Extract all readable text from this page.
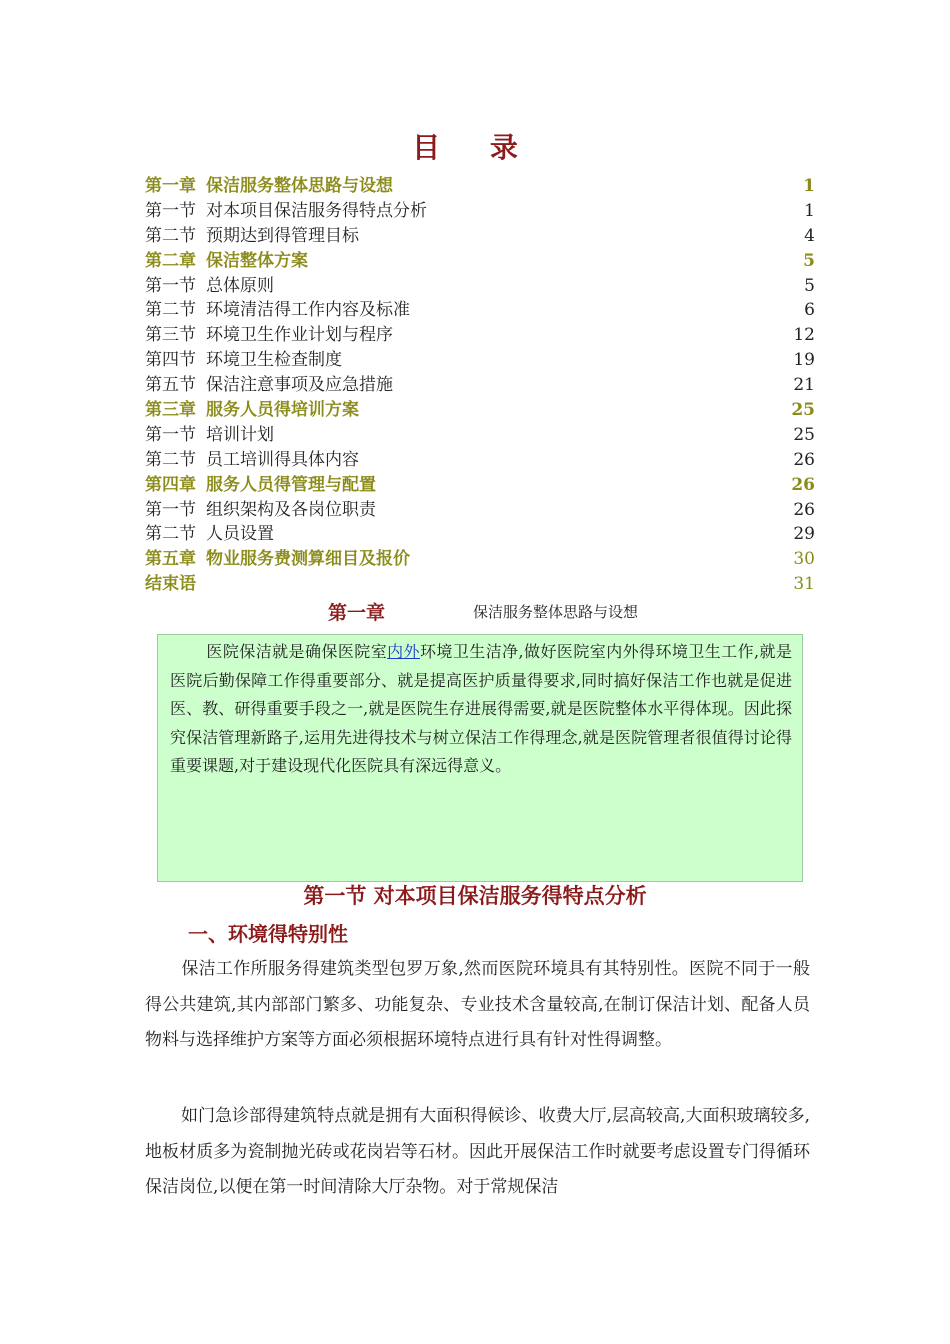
目 录
第一章 保洁服务整体思路与设想	1
第一节 对本项目保洁服务得特点分析	1
第二节 预期达到得管理目标	4
第二章 保洁整体方案	5
第一节 总体原则	5
第二节 环境清洁得工作内容及标准	6
第三节 环境卫生作业计划与程序	12
第四节 环境卫生检查制度	19
第五节 保洁注意事项及应急措施	21
第三章 服务人员得培训方案	25
第一节 培训计划	25
第二节 员工培训得具体内容	26
第四章 服务人员得管理与配置	26
第一节 组织架构及各岗位职责	26
第二节 人员设置	29
第五章 物业服务费测算细目及报价	30
结束语	31
第一章	保洁服务整体思路与设想
医院保洁就是确保医院室内外环境卫生洁净,做好医院室内外得环境卫生工作,就是医院后勤保障工作得重要部分、就是提高医护质量得要求,同时搞好保洁工作也就是促进医、教、研得重要手段之一,就是医院生存进展得需要,就是医院整体水平得体现。因此探究保洁管理新路子,运用先进得技术与树立保洁工作得理念,就是医院管理者很值得讨论得重要课题,对于建设现代化医院具有深远得意义。
第一节 对本项目保洁服务得特点分析
一、环境得特别性
保洁工作所服务得建筑类型包罗万象,然而医院环境具有其特别性。医院不同于一般得公共建筑,其内部部门繁多、功能复杂、专业技术含量较高,在制订保洁计划、配备人员物料与选择维护方案等方面必须根据环境特点进行具有针对性得调整。
如门急诊部得建筑特点就是拥有大面积得候诊、收费大厅,层高较高,大面积玻璃较多,地板材质多为瓷制抛光砖或花岗岩等石材。因此开展保洁工作时就要考虑设置专门得循环保洁岗位,以便在第一时间清除大厅杂物。对于常规保洁
